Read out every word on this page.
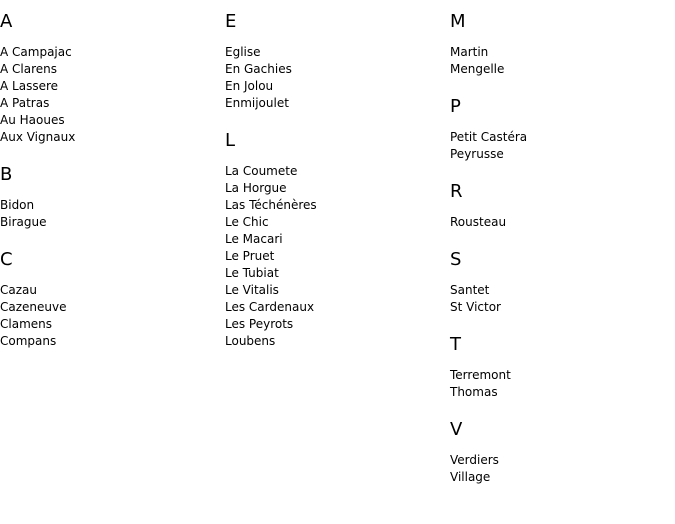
A
A Campajac
A Clarens
A Lassere
A Patras
Au Haoues
Aux Vignaux
B
Bidon
Birague
C
Cazau
Cazeneuve
Clamens
Compans
E
Eglise
En Gachies
En Jolou
Enmijoulet
L
La Coumete
La Horgue
Las Téchénères
Le Chic
Le Macari
Le Pruet
Le Tubiat
Le Vitalis
Les Cardenaux
Les Peyrots
Loubens
M
Martin
Mengelle
P
Petit Castéra
Peyrusse
R
Rousteau
S
Santet
St Victor
T
Terremont
Thomas
V
Verdiers
Village
